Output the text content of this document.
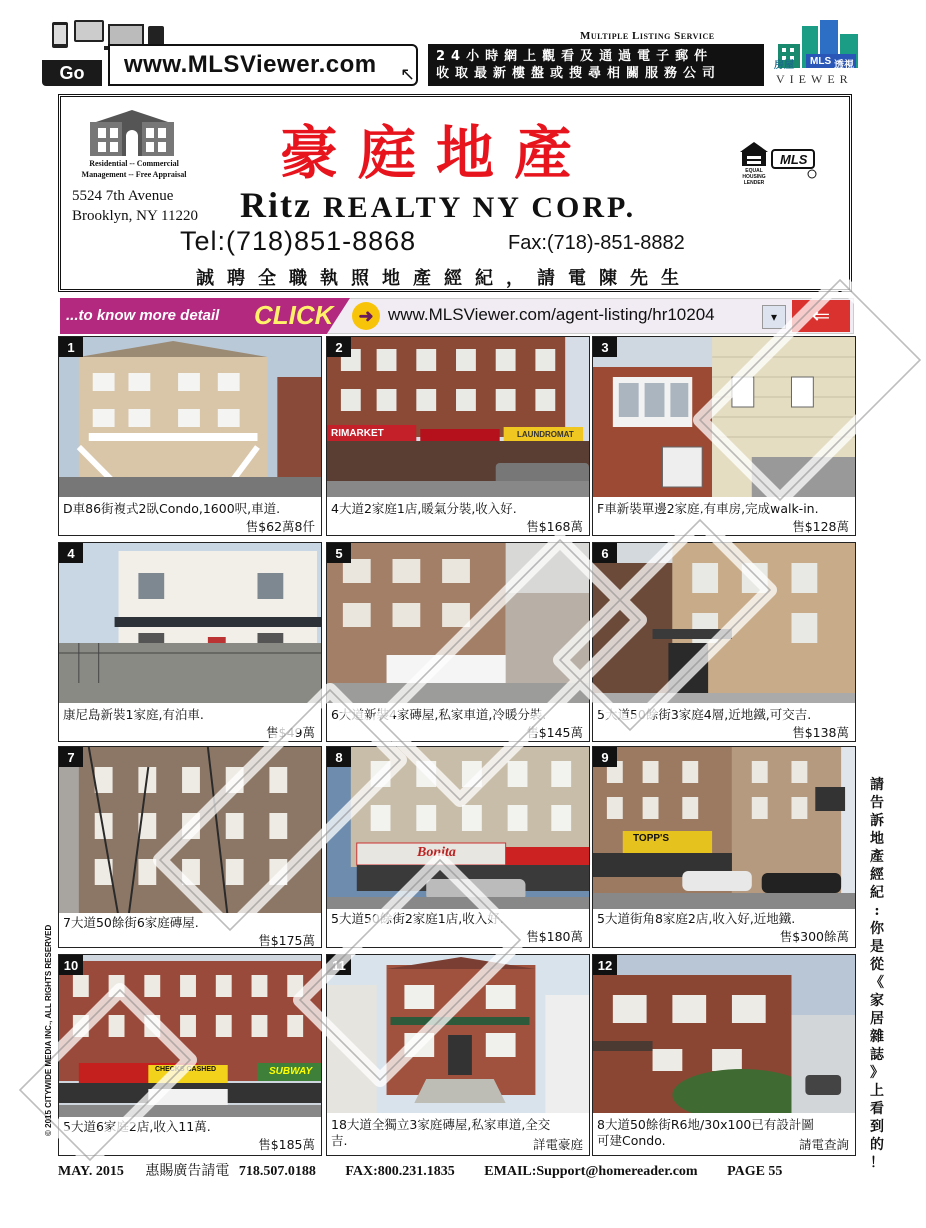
Go	www.MLSViewer.com	↖
Multiple Listing Service
24小時網上觀看及通過電子郵件
收取最新樓盤或搜尋相關服務公司
房屋 MLS 透視
VIEWER
Residential -- Commercial Management -- Free Appraisal
5524 7th Avenue
Brooklyn, NY 11220
豪庭地產
Ritz REALTY NY CORP.
Tel:(718)851-8868	Fax:(718)-851-8882
誠聘全職執照地產經紀，請電陳先生
EQUAL HOUSING LENDER
MLS
...to know more detail CLICK	➜ www.MLSViewer.com/agent-listing/hr10204	▾	⇐
1
D車86街複式2臥Condo,1600呎,車道.
售$62萬8仟
RIMARKET	LAUNDROMAT
2
4大道2家庭1店,暖氣分裝,收入好.
售$168萬
3
F車新裝單邊2家庭,有車房,完成walk-in.
售$128萬
4
康尼島新裝1家庭,有泊車.
售$49萬
5
6大道新裝4家磚屋,私家車道,冷暖分裝.
售$145萬
6
5大道50餘街3家庭4層,近地鐵,可交吉.
售$138萬
7
7大道50餘街6家庭磚屋.
售$175萬
Bonita
8
5大道50餘街2家庭1店,收入好.
售$180萬
TOPP'S
9
5大道街角8家庭2店,收入好,近地鐵.
售$300餘萬
CHECKS CASHED	SUBWAY
10
5大道6家庭2店,收入11萬.
售$185萬
11
18大道全獨立3家庭磚屋,私家車道,全交
吉.	詳電豪庭
12
8大道50餘街R6地/30x100已有設計圖
可建Condo.	請電查詢
請
告
訴
地
產
經
紀
:
你
是
從
《
家
居
雜
誌
》
上
看
到
的
！
© 2015 CITYWIDE MEDIA INC., ALL RIGHTS RESERVED
MAY. 2015 惠賜廣告請電 718.507.0188 FAX:800.231.1835 EMAIL:Support@homereader.com PAGE 55
